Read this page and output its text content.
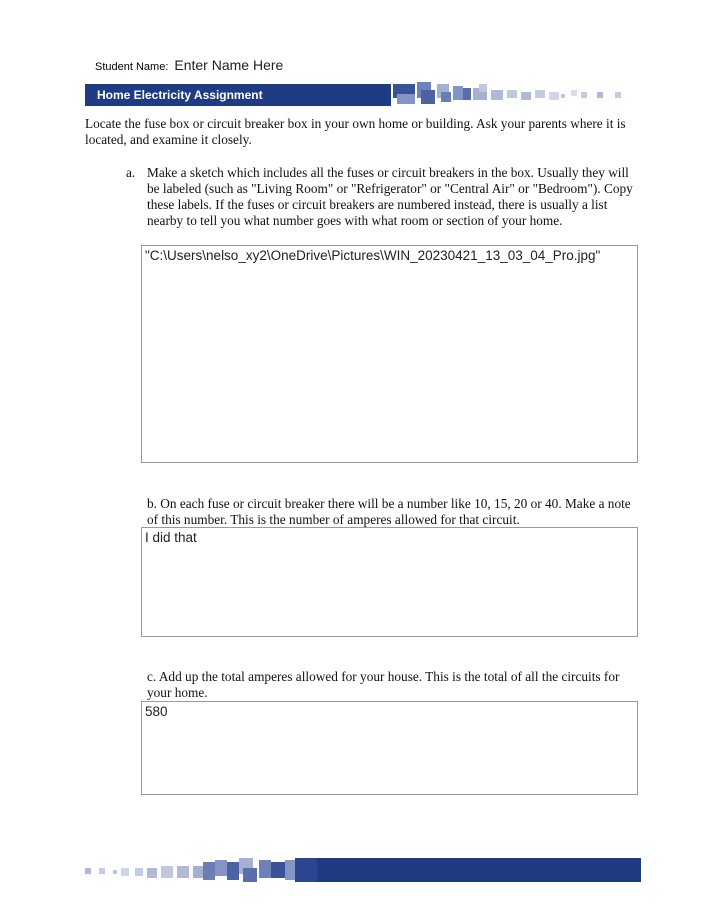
Student Name: Enter Name Here
Home Electricity Assignment

Locate the fuse box or circuit breaker box in your own home or building. Ask your parents where it is located, and examine it closely.

a. Make a sketch which includes all the fuses or circuit breakers in the box. Usually they will be labeled (such as "Living Room" or "Refrigerator" or "Central Air" or "Bedroom"). Copy these labels. If the fuses or circuit breakers are numbered instead, there is usually a list nearby to tell you what number goes with what room or section of your home.

"C:\Users\nelso_xy2\OneDrive\Pictures\WIN_20230421_13_03_04_Pro.jpg"

b. On each fuse or circuit breaker there will be a number like 10, 15, 20 or 40. Make a note of this number. This is the number of amperes allowed for that circuit.

I did that

c. Add up the total amperes allowed for your house. This is the total of all the circuits for your home.

580
